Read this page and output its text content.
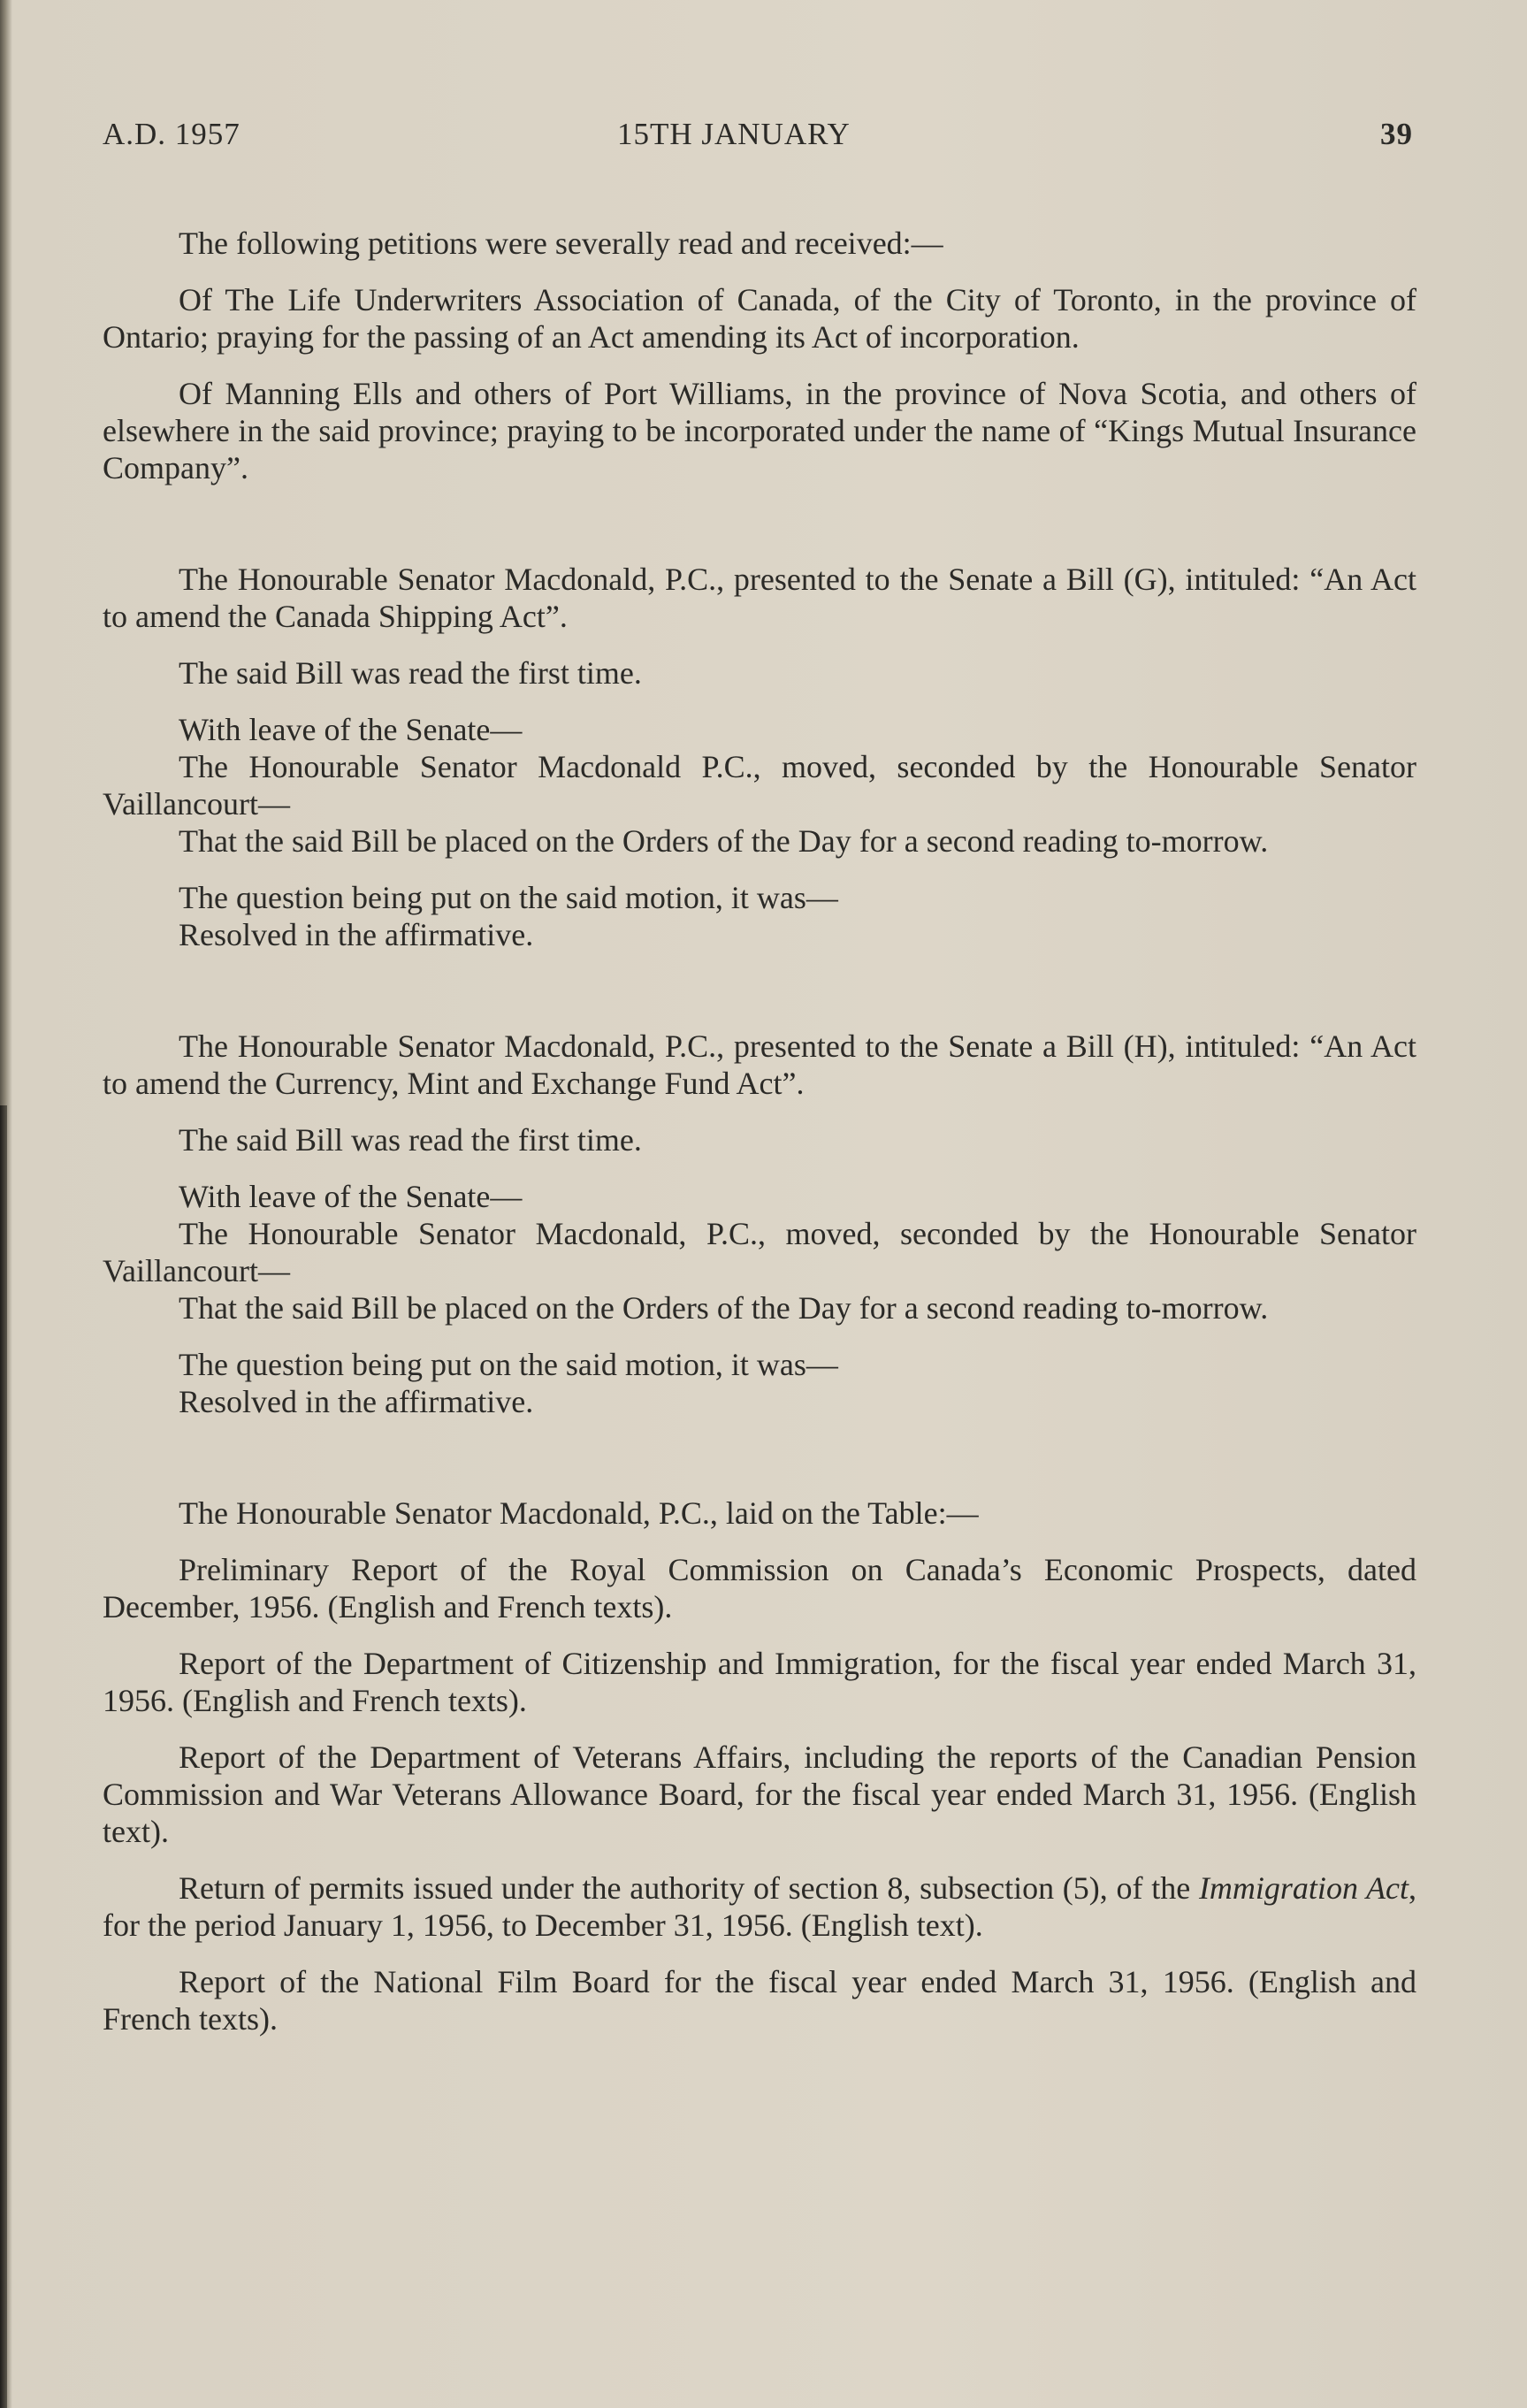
A.D. 1957	15TH JANUARY	39

The following petitions were severally read and received:—

Of The Life Underwriters Association of Canada, of the City of Toronto, in the province of Ontario; praying for the passing of an Act amending its Act of incorporation.

Of Manning Ells and others of Port Williams, in the province of Nova Scotia, and others of elsewhere in the said province; praying to be incorporated under the name of “Kings Mutual Insurance Company”.

The Honourable Senator Macdonald, P.C., presented to the Senate a Bill (G), intituled: “An Act to amend the Canada Shipping Act”.

The said Bill was read the first time.

With leave of the Senate—

The Honourable Senator Macdonald P.C., moved, seconded by the Honourable Senator Vaillancourt—

That the said Bill be placed on the Orders of the Day for a second reading to-morrow.

The question being put on the said motion, it was—

Resolved in the affirmative.

The Honourable Senator Macdonald, P.C., presented to the Senate a Bill (H), intituled: “An Act to amend the Currency, Mint and Exchange Fund Act”.

The said Bill was read the first time.

With leave of the Senate—

The Honourable Senator Macdonald, P.C., moved, seconded by the Honourable Senator Vaillancourt—

That the said Bill be placed on the Orders of the Day for a second reading to-morrow.

The question being put on the said motion, it was—

Resolved in the affirmative.

The Honourable Senator Macdonald, P.C., laid on the Table:—

Preliminary Report of the Royal Commission on Canada’s Economic Prospects, dated December, 1956. (English and French texts).

Report of the Department of Citizenship and Immigration, for the fiscal year ended March 31, 1956. (English and French texts).

Report of the Department of Veterans Affairs, including the reports of the Canadian Pension Commission and War Veterans Allowance Board, for the fiscal year ended March 31, 1956. (English text).

Return of permits issued under the authority of section 8, subsection (5), of the Immigration Act, for the period January 1, 1956, to December 31, 1956. (English text).

Report of the National Film Board for the fiscal year ended March 31, 1956. (English and French texts).
